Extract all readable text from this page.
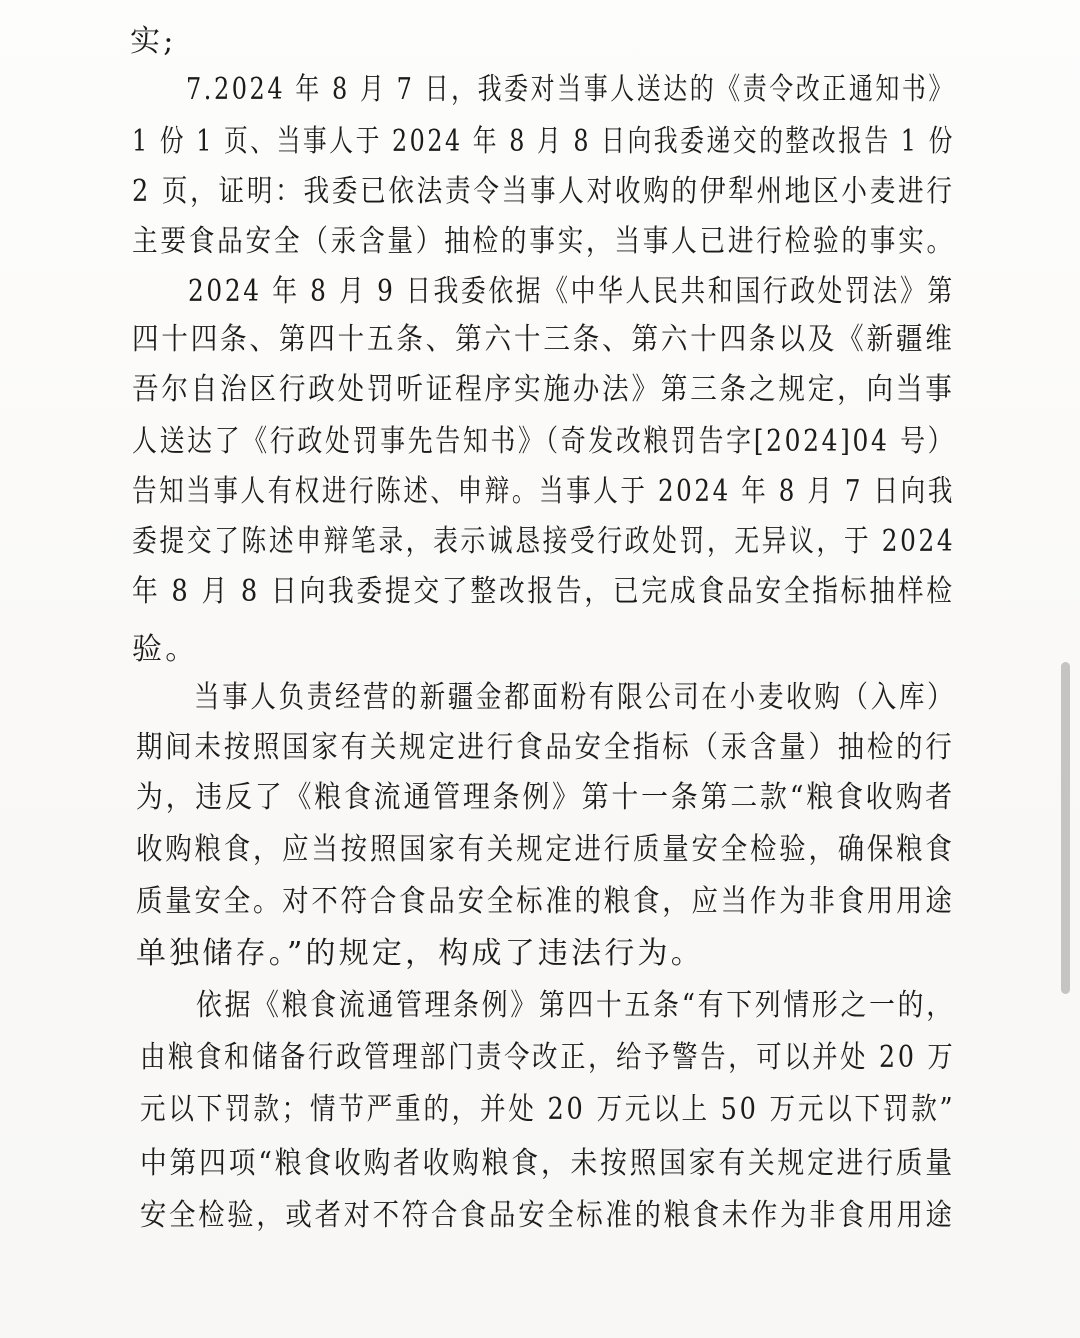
实;
7.2024 年 8 月 7 日，我委对当事人送达的《责令改正通知书》
1 份 1 页、当事人于 2024 年 8 月 8 日向我委递交的整改报告 1 份
2 页，证明：我委已依法责令当事人对收购的伊犁州地区小麦进行
主要食品安全（汞含量）抽检的事实，当事人已进行检验的事实。
2024 年 8 月 9 日我委依据《中华人民共和国行政处罚法》第
四十四条、第四十五条、第六十三条、第六十四条以及《新疆维
吾尔自治区行政处罚听证程序实施办法》第三条之规定，向当事
人送达了《行政处罚事先告知书》（奇发改粮罚告字[2024]04 号）
告知当事人有权进行陈述、申辩。当事人于 2024 年 8 月 7 日向我
委提交了陈述申辩笔录，表示诚恳接受行政处罚，无异议，于 2024
年 8 月 8 日向我委提交了整改报告，已完成食品安全指标抽样检
验。
当事人负责经营的新疆金都面粉有限公司在小麦收购（入库）
期间未按照国家有关规定进行食品安全指标（汞含量）抽检的行
为，违反了《粮食流通管理条例》第十一条第二款“粮食收购者
收购粮食，应当按照国家有关规定进行质量安全检验，确保粮食
质量安全。对不符合食品安全标准的粮食，应当作为非食用用途
单独储存。”的规定，构成了违法行为。
依据《粮食流通管理条例》第四十五条“有下列情形之一的，
由粮食和储备行政管理部门责令改正，给予警告，可以并处 20 万
元以下罚款；情节严重的，并处 20 万元以上 50 万元以下罚款”
中第四项“粮食收购者收购粮食，未按照国家有关规定进行质量
安全检验，或者对不符合食品安全标准的粮食未作为非食用用途
